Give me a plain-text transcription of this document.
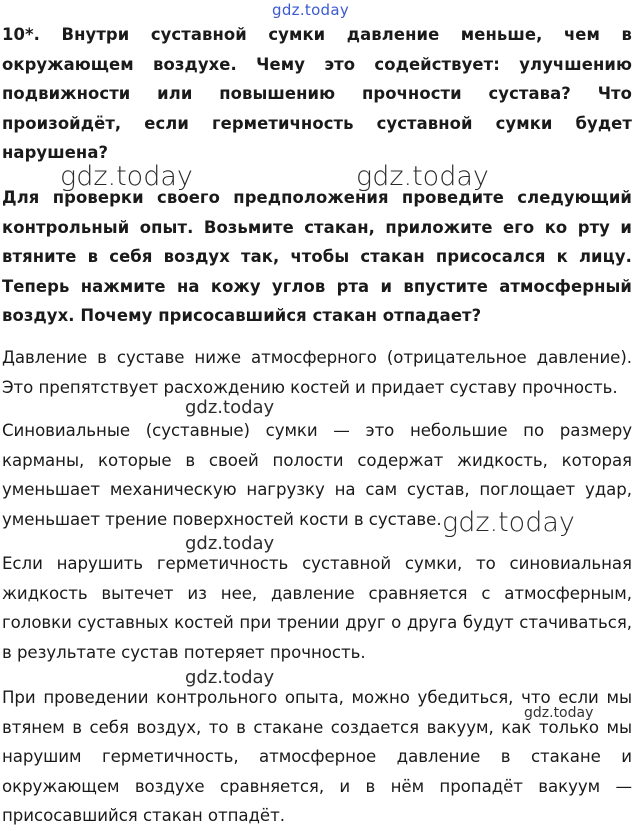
10*. Внутри суставной сумки давление меньше, чем в окружающем воздухе. Чему это содействует: улучшению подвижности или повышению прочности сустава? Что произойдёт, если герметичность суставной сумки будет нарушена?

Для проверки своего предположения проведите следующий контрольный опыт. Возьмите стакан, приложите его ко рту и втяните в себя воздух так, чтобы стакан присосался к лицу. Теперь нажмите на кожу углов рта и впустите атмосферный воздух. Почему присосавшийся стакан отпадает?

Давление в суставе ниже атмосферного (отрицательное давление). Это препятствует расхождению костей и придает суставу прочность.

Синовиальные (суставные) сумки — это небольшие по размеру карманы, которые в своей полости содержат жидкость, которая уменьшает механическую нагрузку на сам сустав, поглощает удар, уменьшает трение поверхностей кости в суставе.

Если нарушить герметичность суставной сумки, то синовиальная жидкость вытечет из нее, давление сравняется с атмосферным, головки суставных костей при трении друг о друга будут стачиваться, в результате сустав потеряет прочность.

При проведении контрольного опыта, можно убедиться, что если мы втянем в себя воздух, то в стакане создается вакуум, как только мы нарушим герметичность, атмосферное давление в стакане и окружающем воздухе сравняется, и в нём пропадёт вакуум — присосавшийся стакан отпадёт.

gdz.today
gdz.today	gdz.today
gdz.today
gdz.today
gdz.today
gdz.today
gdz.today
